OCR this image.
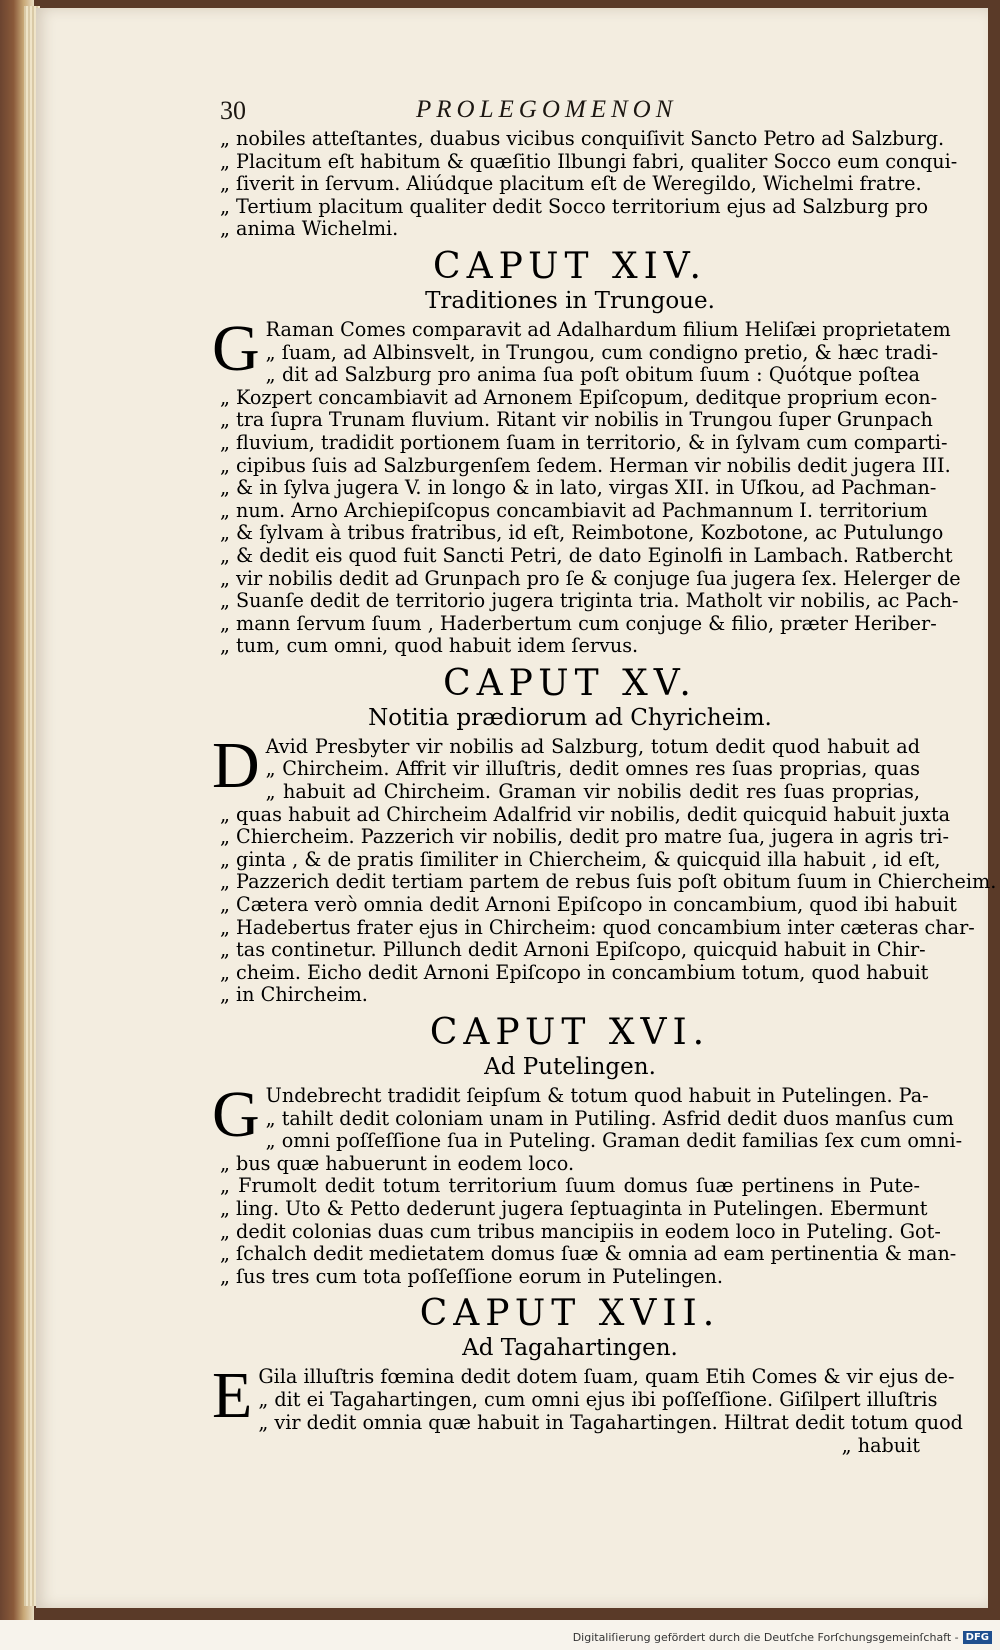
30	PROLEGOMENON
„ nobiles atteſtantes, duabus vicibus conquiſivit Sancto Petro ad Salzburg.
„ Placitum eſt habitum & quæſitio Ilbungi fabri, qualiter Socco eum conqui-
„ ſiverit in ſervum. Aliúdque placitum eſt de Weregildo, Wichelmi fratre.
„ Tertium placitum qualiter dedit Socco territorium ejus ad Salzburg pro
„ anima Wichelmi.
CAPUT XIV.
Traditiones in Trungoue.
G Raman Comes comparavit ad Adalhardum filium Heliſæi proprietatem
„ ſuam, ad Albinsvelt, in Trungou, cum condigno pretio, & hæc tradi-
„ dit ad Salzburg pro anima ſua poſt obitum ſuum : Quótque poſtea
„ Kozpert concambiavit ad Arnonem Epiſcopum, deditque proprium econ-
„ tra ſupra Trunam fluvium. Ritant vir nobilis in Trungou ſuper Grunpach
„ fluvium, tradidit portionem ſuam in territorio, & in ſylvam cum comparti-
„ cipibus ſuis ad Salzburgenſem ſedem. Herman vir nobilis dedit jugera III.
„ & in ſylva jugera V. in longo & in lato, virgas XII. in Uſkou, ad Pachman-
„ num. Arno Archiepiſcopus concambiavit ad Pachmannum I. territorium
„ & ſylvam à tribus fratribus, id eſt, Reimbotone, Kozbotone, ac Putulungo
„ & dedit eis quod fuit Sancti Petri, de dato Eginolfi in Lambach. Ratbercht
„ vir nobilis dedit ad Grunpach pro ſe & conjuge ſua jugera ſex. Helerger de
„ Suanſe dedit de territorio jugera triginta tria. Matholt vir nobilis, ac Pach-
„ mann ſervum ſuum , Haderbertum cum conjuge & filio, præter Heriber-
„ tum, cum omni, quod habuit idem ſervus.
CAPUT XV.
Notitia prædiorum ad Chyricheim.
D Avid Presbyter vir nobilis ad Salzburg, totum dedit quod habuit ad
„ Chircheim. Affrit vir illuſtris, dedit omnes res ſuas proprias, quas
„ habuit ad Chircheim. Graman vir nobilis dedit res ſuas proprias,
„ quas habuit ad Chircheim Adalfrid vir nobilis, dedit quicquid habuit juxta
„ Chiercheim. Pazzerich vir nobilis, dedit pro matre ſua, jugera in agris tri-
„ ginta , & de pratis ſimiliter in Chiercheim, & quicquid illa habuit , id eſt,
„ Pazzerich dedit tertiam partem de rebus ſuis poſt obitum ſuum in Chiercheim.
„ Cætera verò omnia dedit Arnoni Epiſcopo in concambium, quod ibi habuit
„ Hadebertus frater ejus in Chircheim: quod concambium inter cæteras char-
„ tas continetur. Pillunch dedit Arnoni Epiſcopo, quicquid habuit in Chir-
„ cheim. Eicho dedit Arnoni Epiſcopo in concambium totum, quod habuit
„ in Chircheim.
CAPUT XVI.
Ad Putelingen.
G Undebrecht tradidit ſeipſum & totum quod habuit in Putelingen. Pa-
„ tahilt dedit coloniam unam in Putiling. Asfrid dedit duos manſus cum
„ omni poſſeſſione ſua in Puteling. Graman dedit familias ſex cum omni-
„ bus quæ habuerunt in eodem loco.
„ Frumolt dedit totum territorium ſuum domus ſuæ pertinens in Pute-
„ ling. Uto & Petto dederunt jugera ſeptuaginta in Putelingen. Ebermunt
„ dedit colonias duas cum tribus mancipiis in eodem loco in Puteling. Got-
„ ſchalch dedit medietatem domus ſuæ & omnia ad eam pertinentia & man-
„ ſus tres cum tota poſſeſſione eorum in Putelingen.
CAPUT XVII.
Ad Tagahartingen.
E Gila illuſtris fœmina dedit dotem ſuam, quam Etih Comes & vir ejus de-
„ dit ei Tagahartingen, cum omni ejus ibi poſſeſſione. Giſilpert illuſtris
„ vir dedit omnia quæ habuit in Tagahartingen. Hiltrat dedit totum quod
„ habuit
Digitaliſierung gefördert durch die Deutſche Forſchungsgemeinſchaft - DFG
